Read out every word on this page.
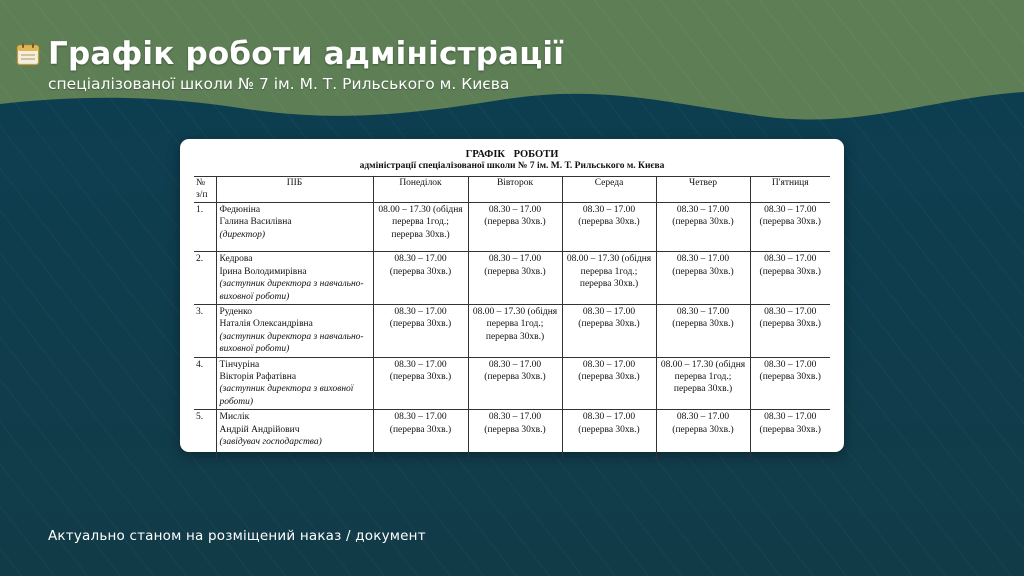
Графік роботи адміністрації
спеціалізованої школи № 7 ім. М. Т. Рильського м. Києва
ГРАФІК РОБОТИ
адміністрації спеціалізованої школи № 7 ім. М. Т. Рильського м. Києва
№ з/п	ПІБ	Понеділок	Вівторок	Середа	Четвер	П'ятниця
1.	Федюніна
Галина Василівна
(директор)	08.00 – 17.30 (обідня перерва 1год.; перерва 30хв.)	08.30 – 17.00 (перерва 30хв.)	08.30 – 17.00 (перерва 30хв.)	08.30 – 17.00 (перерва 30хв.)	08.30 – 17.00 (перерва 30хв.)
2.	Кедрова
Ірина Володимирівна
(заступник директора з навчально-виховної роботи)	08.30 – 17.00 (перерва 30хв.)	08.30 – 17.00 (перерва 30хв.)	08.00 – 17.30 (обідня перерва 1год.; перерва 30хв.)	08.30 – 17.00 (перерва 30хв.)	08.30 – 17.00 (перерва 30хв.)
3.	Руденко
Наталія Олександрівна
(заступник директора з навчально-виховної роботи)	08.30 – 17.00 (перерва 30хв.)	08.00 – 17.30 (обідня перерва 1год.; перерва 30хв.)	08.30 – 17.00 (перерва 30хв.)	08.30 – 17.00 (перерва 30хв.)	08.30 – 17.00 (перерва 30хв.)
4.	Тінчуріна
Вікторія Рафатівна
(заступник директора з виховної роботи)	08.30 – 17.00 (перерва 30хв.)	08.30 – 17.00 (перерва 30хв.)	08.30 – 17.00 (перерва 30хв.)	08.00 – 17.30 (обідня перерва 1год.; перерва 30хв.)	08.30 – 17.00 (перерва 30хв.)
5.	Мислік
Андрій Андрійович
(завідувач господарства)	08.30 – 17.00 (перерва 30хв.)	08.30 – 17.00 (перерва 30хв.)	08.30 – 17.00 (перерва 30хв.)	08.30 – 17.00 (перерва 30хв.)	08.30 – 17.00 (перерва 30хв.)
Актуально станом на розміщений наказ / документ
